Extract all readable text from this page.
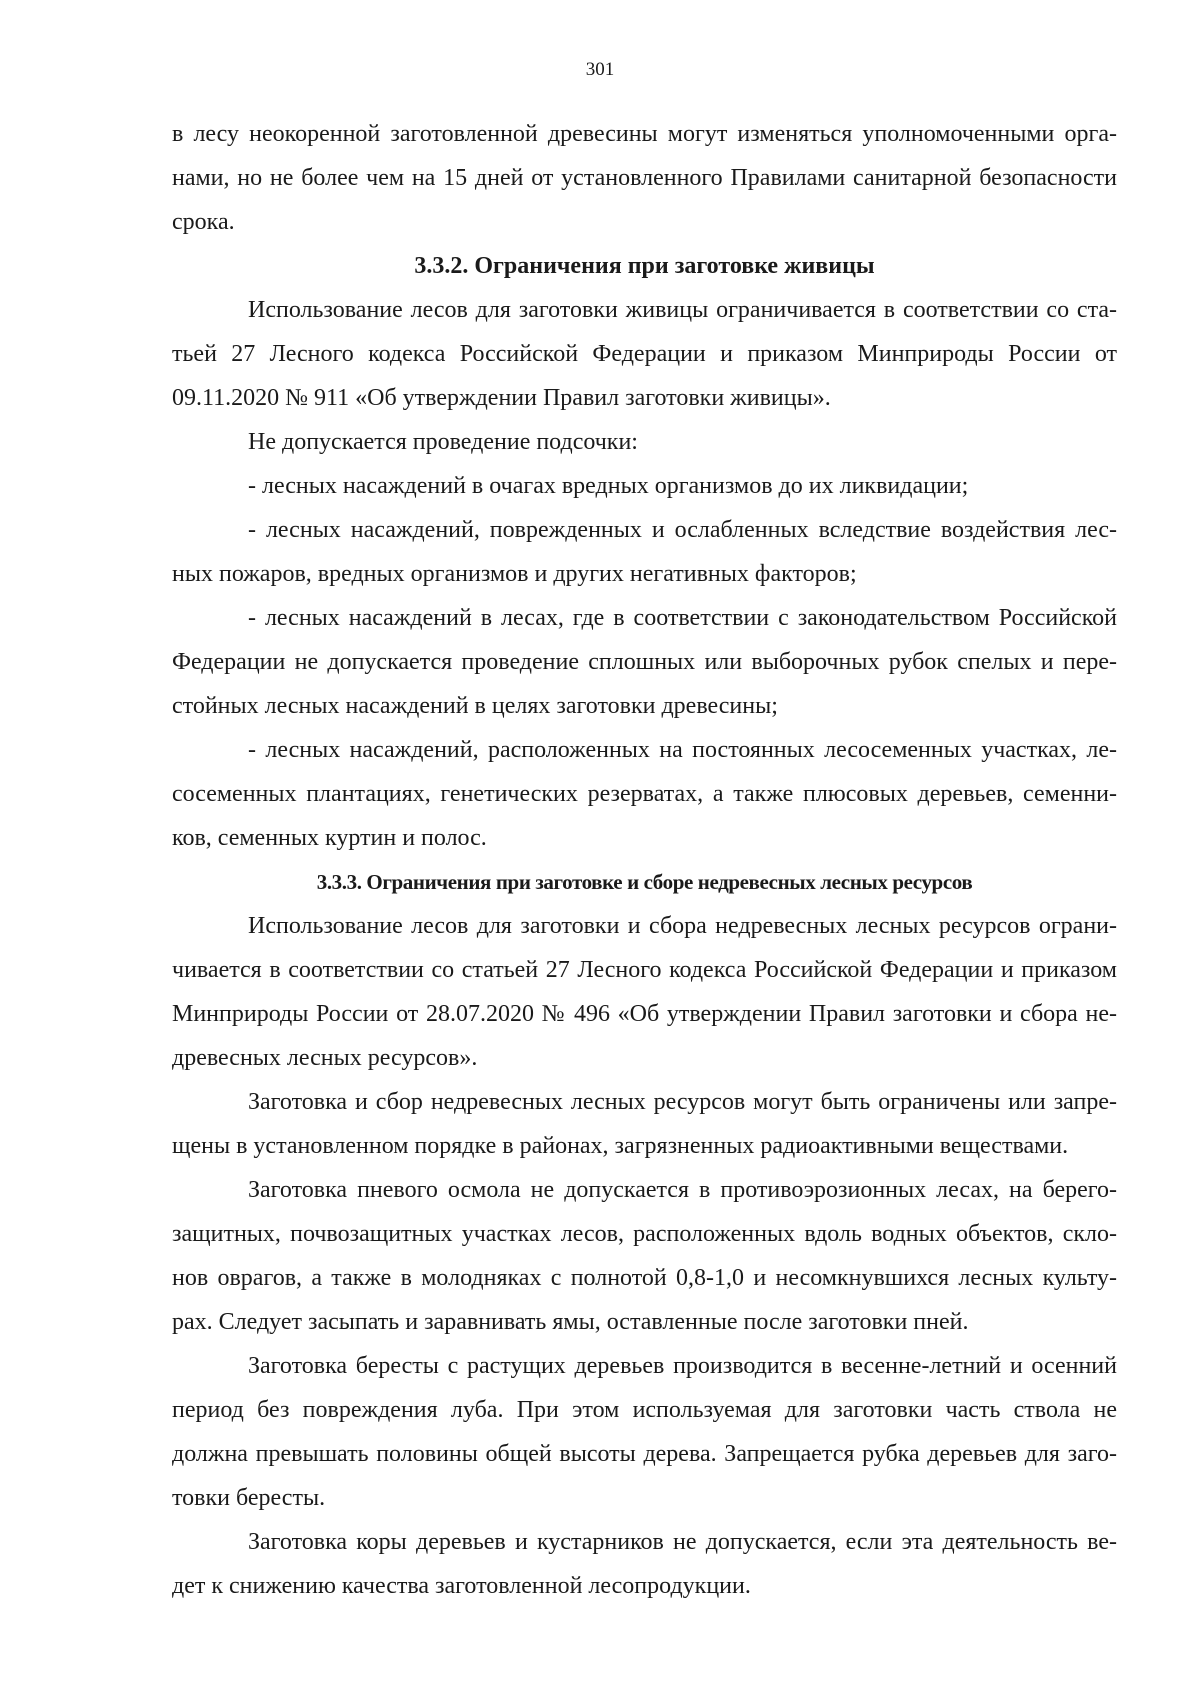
301
в лесу неокоренной заготовленной древесины могут изменяться уполномоченными орга-
нами, но не более чем на 15 дней от установленного Правилами санитарной безопасности
срока.
3.3.2. Ограничения при заготовке живицы
Использование лесов для заготовки живицы ограничивается в соответствии со ста-
тьей 27 Лесного кодекса Российской Федерации и приказом Минприроды России от
09.11.2020 № 911 «Об утверждении Правил заготовки живицы».
Не допускается проведение подсочки:
- лесных насаждений в очагах вредных организмов до их ликвидации;
- лесных насаждений, поврежденных и ослабленных вследствие воздействия лес-
ных пожаров, вредных организмов и других негативных факторов;
- лесных насаждений в лесах, где в соответствии с законодательством Российской
Федерации не допускается проведение сплошных или выборочных рубок спелых и пере-
стойных лесных насаждений в целях заготовки древесины;
- лесных насаждений, расположенных на постоянных лесосеменных участках, ле-
сосеменных плантациях, генетических резерватах, а также плюсовых деревьев, семенни-
ков, семенных куртин и полос.
3.3.3. Ограничения при заготовке и сборе недревесных лесных ресурсов
Использование лесов для заготовки и сбора недревесных лесных ресурсов ограни-
чивается в соответствии со статьей 27 Лесного кодекса Российской Федерации и приказом
Минприроды России от 28.07.2020 № 496 «Об утверждении Правил заготовки и сбора не-
древесных лесных ресурсов».
Заготовка и сбор недревесных лесных ресурсов могут быть ограничены или запре-
щены в установленном порядке в районах, загрязненных радиоактивными веществами.
Заготовка пневого осмола не допускается в противоэрозионных лесах, на берего-
защитных, почвозащитных участках лесов, расположенных вдоль водных объектов, скло-
нов оврагов, а также в молодняках с полнотой 0,8-1,0 и несомкнувшихся лесных культу-
рах. Следует засыпать и заравнивать ямы, оставленные после заготовки пней.
Заготовка бересты с растущих деревьев производится в весенне-летний и осенний
период без повреждения луба. При этом используемая для заготовки часть ствола не
должна превышать половины общей высоты дерева. Запрещается рубка деревьев для заго-
товки бересты.
Заготовка коры деревьев и кустарников не допускается, если эта деятельность ве-
дет к снижению качества заготовленной лесопродукции.
